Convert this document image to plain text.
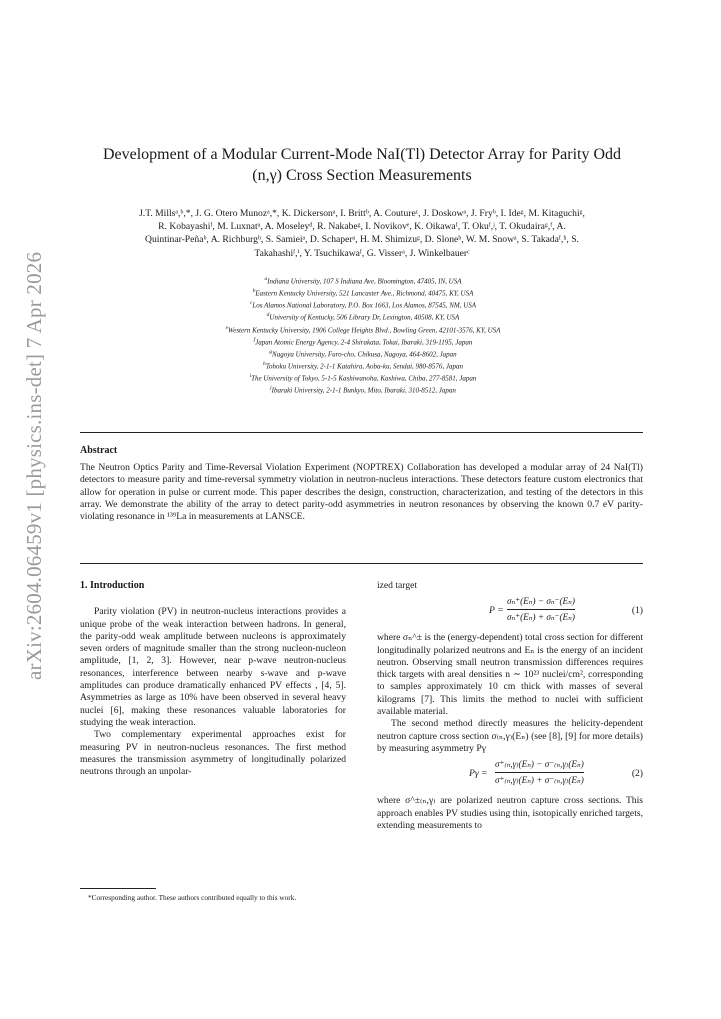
arXiv:2604.06459v1 [physics.ins-det] 7 Apr 2026
Development of a Modular Current-Mode NaI(Tl) Detector Array for Parity Odd
(n,γ) Cross Section Measurements
J.T. Millsᵃ,ᵇ,*, J. G. Otero Munozᵃ,*, K. Dickersonᵃ, I. Brittᵇ, A. Coutureᶜ, J. Doskowᵃ, J. Fryᵇ, I. Ideᵍ, M. Kitaguchiᵍ,
R. Kobayashiᶠ, M. Luxnatᵃ, A. Moseleyᵈ, R. Nakabeᵍ, I. Novikovᵉ, K. Oikawaᶠ, T. Okuᶠ,ʲ, T. Okudairaᵍ,ᶠ, A.
Quintinar-Peñaᵇ, A. Richburgᵇ, S. Samieiᵃ, D. Schaperᵃ, H. M. Shimizuᵍ, D. Sloneᵇ, W. M. Snowᵃ, S. Takadaᶠ,ʰ, S.
Takahashiᶠ,ⁱ, Y. Tsuchikawaᶠ, G. Visserᵃ, J. Winkelbauerᶜ
$^a$Indiana University, 107 S Indiana Ave, Bloomington, 47405, IN, USA
$^b$Eastern Kentucky University, 521 Lancaster Ave., Richmond, 40475, KY, USA
$^c$Los Alamos National Laboratory, P.O. Box 1663, Los Alamos, 87545, NM, USA
$^d$University of Kentucky, 506 Library Dr, Lexington, 40508, KY, USA
$^e$Western Kentucky University, 1906 College Heights Blvd., Bowling Green, 42101-3576, KY, USA
$^f$Japan Atomic Energy Agency, 2-4 Shirakata, Tokai, Ibaraki, 319-1195, Japan
$^g$Nagoya University, Furo-cho, Chikusa, Nagoya, 464-8602, Japan
$^h$Tohoku University, 2-1-1 Katahira, Aoba-ku, Sendai, 980-8576, Japan
$^i$The University of Tokyo, 5-1-5 Kashiwanoha, Kashiwa, Chiba, 277-8581, Japan
$^j$Ibaraki University, 2-1-1 Bunkyo, Mito, Ibaraki, 310-8512, Japan
Abstract
The Neutron Optics Parity and Time-Reversal Violation Experiment (NOPTREX) Collaboration has developed a modular array of 24 NaI(Tl) detectors to measure parity and time-reversal symmetry violation in neutron-nucleus interactions. These detectors feature custom electronics that allow for operation in pulse or current mode. This paper describes the design, construction, characterization, and testing of the detectors in this array. We demonstrate the ability of the array to detect parity-odd asymmetries in neutron resonances by observing the known 0.7 eV parity-violating resonance in ¹³⁹La in measurements at LANSCE.
1. Introduction

Parity violation (PV) in neutron-nucleus interactions provides a unique probe of the weak interaction between hadrons. In general, the parity-odd weak amplitude between nucleons is approximately seven orders of magnitude smaller than the strong nucleon-nucleon amplitude, [1, 2, 3]. However, near p-wave neutron-nucleus resonances, interference between nearby s-wave and p-wave amplitudes can produce dramatically enhanced PV effects , [4, 5]. Asymmetries as large as 10% have been observed in several heavy nuclei [6], making these resonances valuable laboratories for studying the weak interaction.

Two complementary experimental approaches exist for measuring PV in neutron-nucleus resonances. The first method measures the transmission asymmetry of longitudinally polarized neutrons through an unpolar-

ized target

P =
σₙ⁺(Eₙ) − σₙ⁻(Eₙ)
σₙ⁺(Eₙ) + σₙ⁻(Eₙ)
(1)

where σₙ^± is the (energy-dependent) total cross section for different longitudinally polarized neutrons and Eₙ is the energy of an incident neutron. Observing small neutron transmission differences requires thick targets with areal densities n ∼ 10²³ nuclei/cm², corresponding to samples approximately 10 cm thick with masses of several kilograms [7]. This limits the method to nuclei with sufficient available material.

The second method directly measures the helicity-dependent neutron capture cross section σ₍ₙ,γ₎(Eₙ) (see [8], [9] for more details) by measuring asymmetry Pγ

Pγ =
σ⁺₍ₙ,γ₎(Eₙ) − σ⁻₍ₙ,γ₎(Eₙ)
σ⁺₍ₙ,γ₎(Eₙ) + σ⁻₍ₙ,γ₎(Eₙ)
(2)

where σ^±₍ₙ,γ₎ are polarized neutron capture cross sections. This approach enables PV studies using thin, isotopically enriched targets, extending measurements to

*Corresponding author. These authors contributed equally to this work.
